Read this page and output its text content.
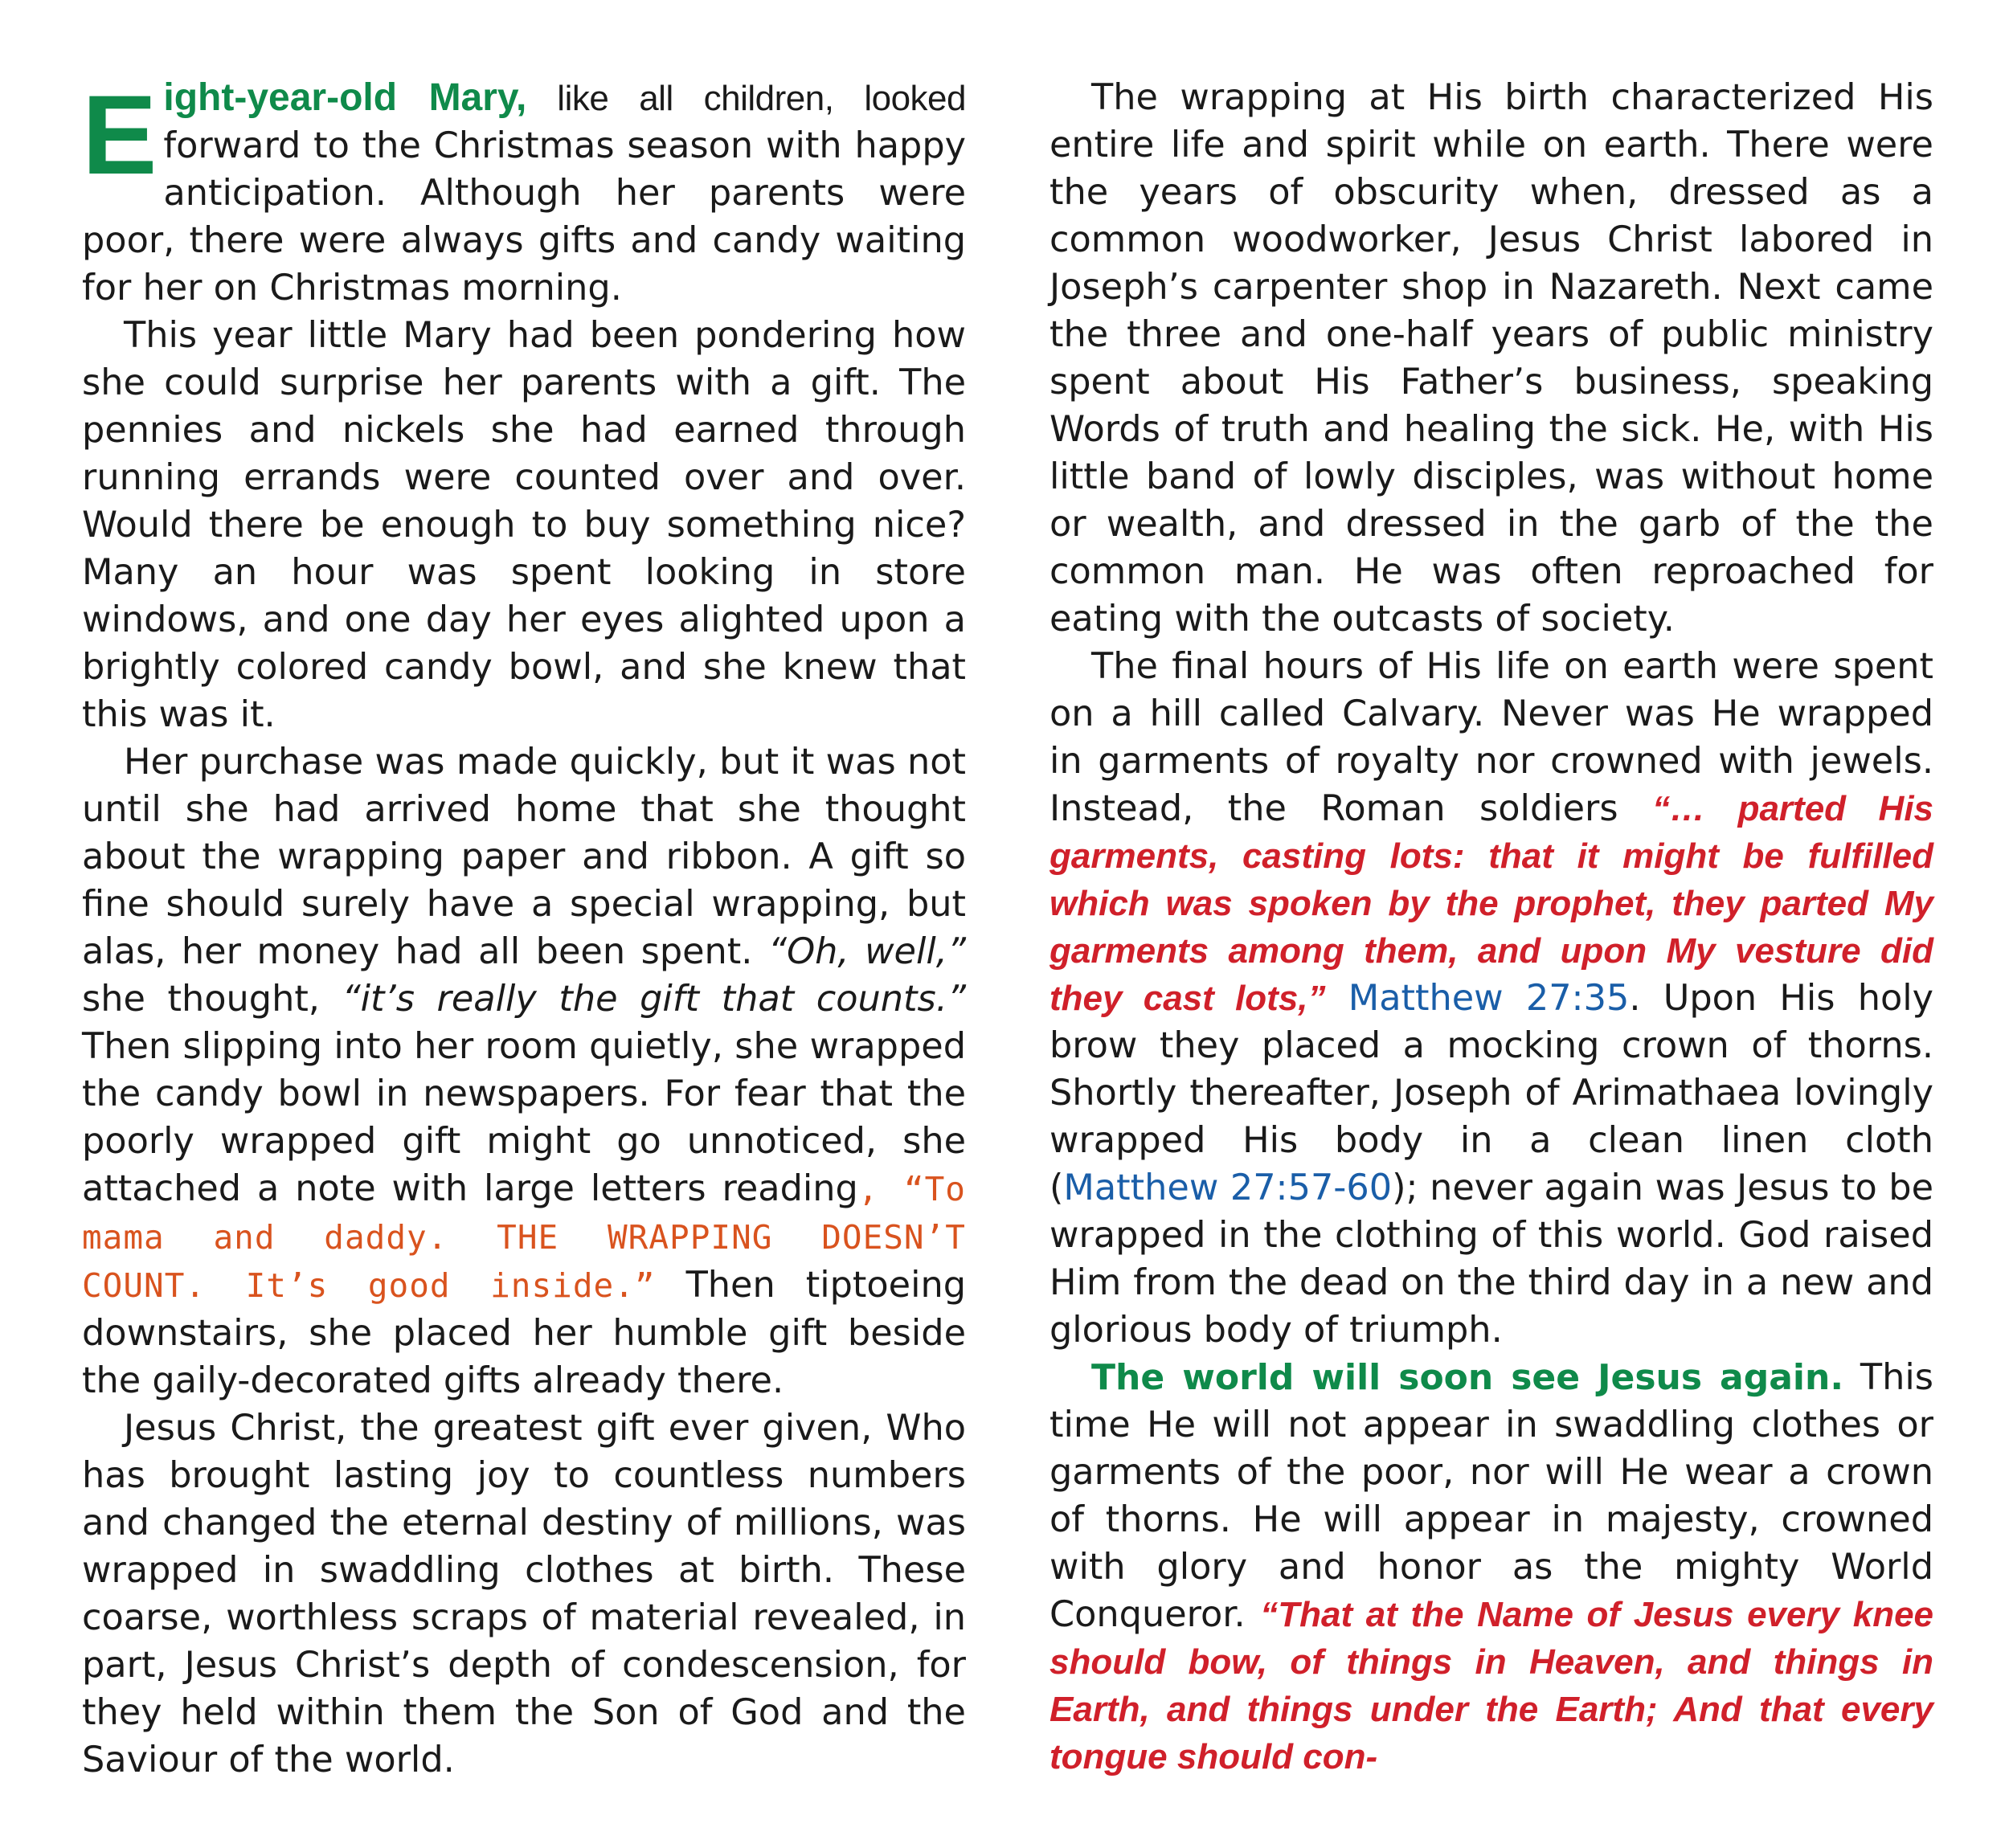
Eight-year-old Mary, like all children, looked forward to the Christmas season with happy anticipation. Although her parents were poor, there were always gifts and candy waiting for her on Christmas morning.

This year little Mary had been pondering how she could surprise her parents with a gift. The pennies and nickels she had earned through running errands were counted over and over. Would there be enough to buy something nice? Many an hour was spent looking in store windows, and one day her eyes alighted upon a brightly colored candy bowl, and she knew that this was it.

Her purchase was made quickly, but it was not until she had arrived home that she thought about the wrapping paper and ribbon. A gift so fine should surely have a special wrapping, but alas, her money had all been spent. “Oh, well,” she thought, “it’s really the gift that counts.” Then slipping into her room quietly, she wrapped the candy bowl in newspapers. For fear that the poorly wrapped gift might go unnoticed, she attached a note with large letters reading, “To mama and daddy. THE WRAPPING DOESN’T COUNT. It’s good inside.” Then tiptoeing downstairs, she placed her humble gift beside the gaily-decorated gifts already there.

Jesus Christ, the greatest gift ever given, Who has brought lasting joy to countless numbers and changed the eternal destiny of millions, was wrapped in swaddling clothes at birth. These coarse, worthless scraps of material revealed, in part, Jesus Christ’s depth of condescension, for they held within them the Son of God and the Saviour of the world.

The wrapping at His birth characterized His entire life and spirit while on earth. There were the years of obscurity when, dressed as a common woodworker, Jesus Christ labored in Joseph’s carpenter shop in Nazareth. Next came the three and one-half years of public ministry spent about His Father’s business, speaking Words of truth and healing the sick. He, with His little band of lowly disciples, was without home or wealth, and dressed in the garb of the the common man. He was often reproached for eating with the outcasts of society.

The final hours of His life on earth were spent on a hill called Calvary. Never was He wrapped in garments of royalty nor crowned with jewels. Instead, the Roman soldiers “… parted His garments, casting lots: that it might be fulfilled which was spoken by the prophet, they parted My garments among them, and upon My vesture did they cast lots,” Matthew 27:35. Upon His holy brow they placed a mocking crown of thorns. Shortly thereafter, Joseph of Arimathaea lovingly wrapped His body in a clean linen cloth (Matthew 27:57-60); never again was Jesus to be wrapped in the clothing of this world. God raised Him from the dead on the third day in a new and glorious body of triumph.

The world will soon see Jesus again. This time He will not appear in swaddling clothes or garments of the poor, nor will He wear a crown of thorns. He will appear in majesty, crowned with glory and honor as the mighty World Conqueror. “That at the Name of Jesus every knee should bow, of things in Heaven, and things in Earth, and things under the Earth; And that every tongue should con-
